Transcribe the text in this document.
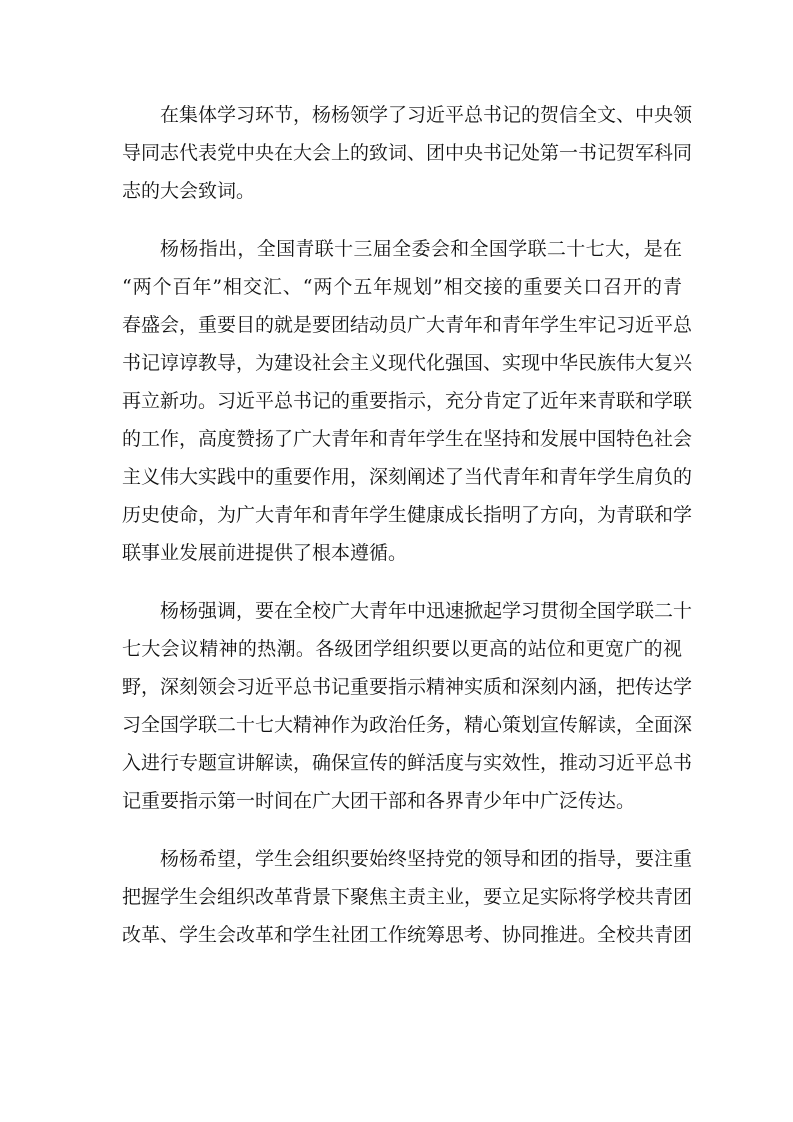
在集体学习环节，杨杨领学了习近平总书记的贺信全文、中央领
导同志代表党中央在大会上的致词、团中央书记处第一书记贺军科同
志的大会致词。

杨杨指出，全国青联十三届全委会和全国学联二十七大，是在
“两个百年”相交汇、“两个五年规划”相交接的重要关口召开的青
春盛会，重要目的就是要团结动员广大青年和青年学生牢记习近平总
书记谆谆教导，为建设社会主义现代化强国、实现中华民族伟大复兴
再立新功。习近平总书记的重要指示，充分肯定了近年来青联和学联
的工作，高度赞扬了广大青年和青年学生在坚持和发展中国特色社会
主义伟大实践中的重要作用，深刻阐述了当代青年和青年学生肩负的
历史使命，为广大青年和青年学生健康成长指明了方向，为青联和学
联事业发展前进提供了根本遵循。

杨杨强调，要在全校广大青年中迅速掀起学习贯彻全国学联二十
七大会议精神的热潮。各级团学组织要以更高的站位和更宽广的视
野，深刻领会习近平总书记重要指示精神实质和深刻内涵，把传达学
习全国学联二十七大精神作为政治任务，精心策划宣传解读，全面深
入进行专题宣讲解读，确保宣传的鲜活度与实效性，推动习近平总书
记重要指示第一时间在广大团干部和各界青少年中广泛传达。

杨杨希望，学生会组织要始终坚持党的领导和团的指导，要注重
把握学生会组织改革背景下聚焦主责主业，要立足实际将学校共青团
改革、学生会改革和学生社团工作统筹思考、协同推进。全校共青团
